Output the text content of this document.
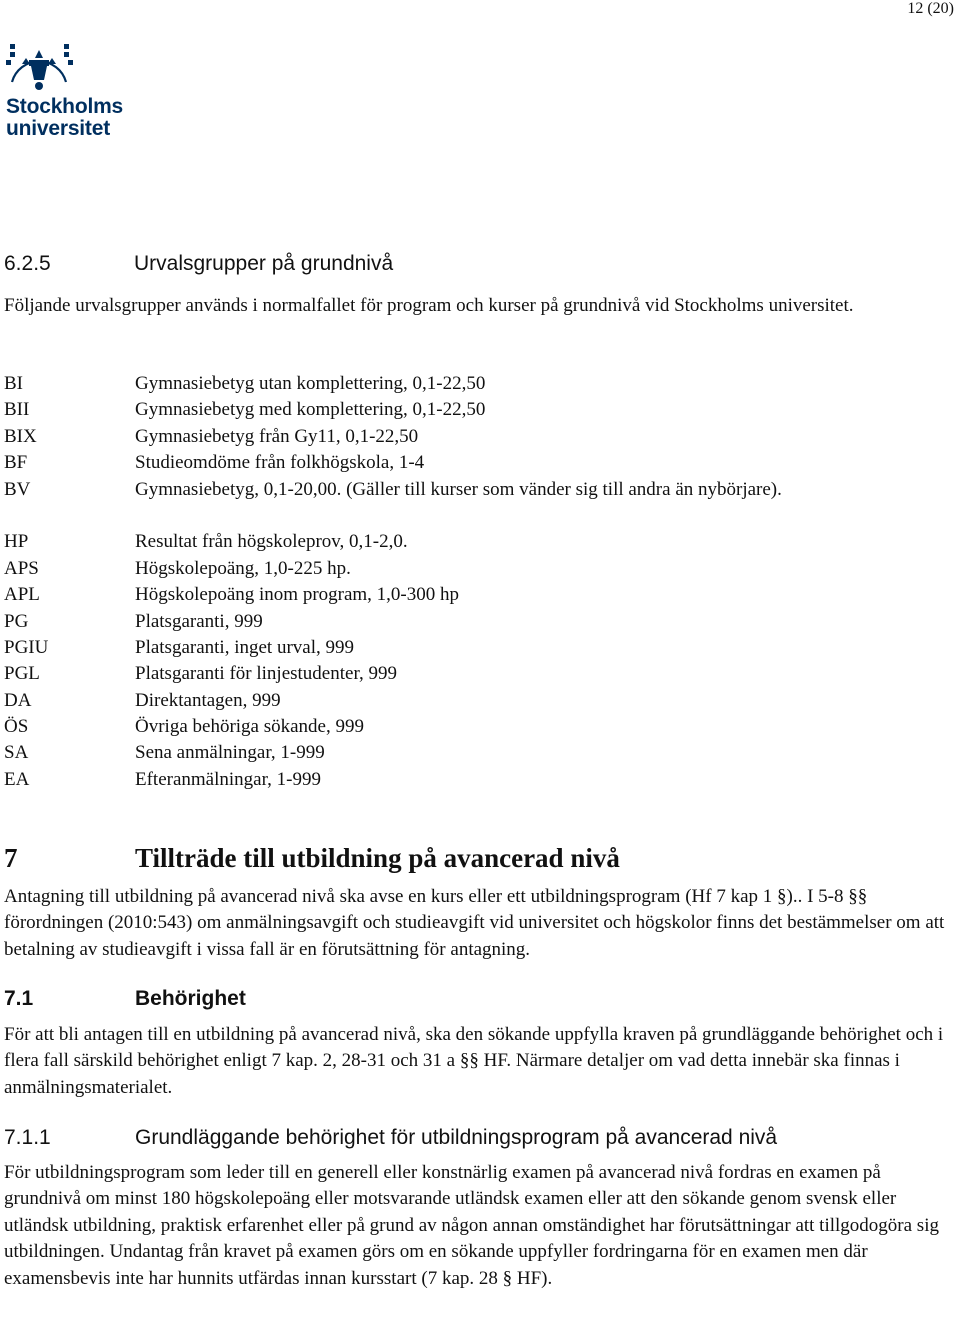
12 (20)
Stockholms
universitet
6.2.5	Urvalsgrupper på grundnivå
Följande urvalsgrupper används i normalfallet för program och kurser på grundnivå vid Stockholms universitet.
BI	Gymnasiebetyg utan komplettering, 0,1-22,50
BII	Gymnasiebetyg med komplettering, 0,1-22,50
BIX	Gymnasiebetyg från Gy11, 0,1-22,50
BF	Studieomdöme från folkhögskola, 1-4
BV	Gymnasiebetyg, 0,1-20,00. (Gäller till kurser som vänder sig till andra än nybörjare).
HP	Resultat från högskoleprov, 0,1-2,0.
APS	Högskolepoäng, 1,0-225 hp.
APL	Högskolepoäng inom program, 1,0-300 hp
PG	Platsgaranti, 999
PGIU	Platsgaranti, inget urval, 999
PGL	Platsgaranti för linjestudenter, 999
DA	Direktantagen, 999
ÖS	Övriga behöriga sökande, 999
SA	Sena anmälningar, 1-999
EA	Efteranmälningar, 1-999
7	Tillträde till utbildning på avancerad nivå
Antagning till utbildning på avancerad nivå ska avse en kurs eller ett utbildningsprogram (Hf 7 kap 1 §).. I 5-8 §§ förordningen (2010:543) om anmälningsavgift och studieavgift vid universitet och högskolor finns det bestämmelser om att betalning av studieavgift i vissa fall är en förutsättning för antagning.
7.1	Behörighet
För att bli antagen till en utbildning på avancerad nivå, ska den sökande uppfylla kraven på grundläggande behörighet och i flera fall särskild behörighet enligt 7 kap. 2, 28-31 och 31 a §§ HF. Närmare detaljer om vad detta innebär ska finnas i anmälningsmaterialet.
7.1.1	Grundläggande behörighet för utbildningsprogram på avancerad nivå
För utbildningsprogram som leder till en generell eller konstnärlig examen på avancerad nivå fordras en examen på grundnivå om minst 180 högskolepoäng eller motsvarande utländsk examen eller att den sökande genom svensk eller utländsk utbildning, praktisk erfarenhet eller på grund av någon annan omständighet har förutsättningar att tillgodogöra sig utbildningen. Undantag från kravet på examen görs om en sökande uppfyller fordringarna för en examen men där examensbevis inte har hunnits utfärdas innan kursstart (7 kap. 28 § HF).
